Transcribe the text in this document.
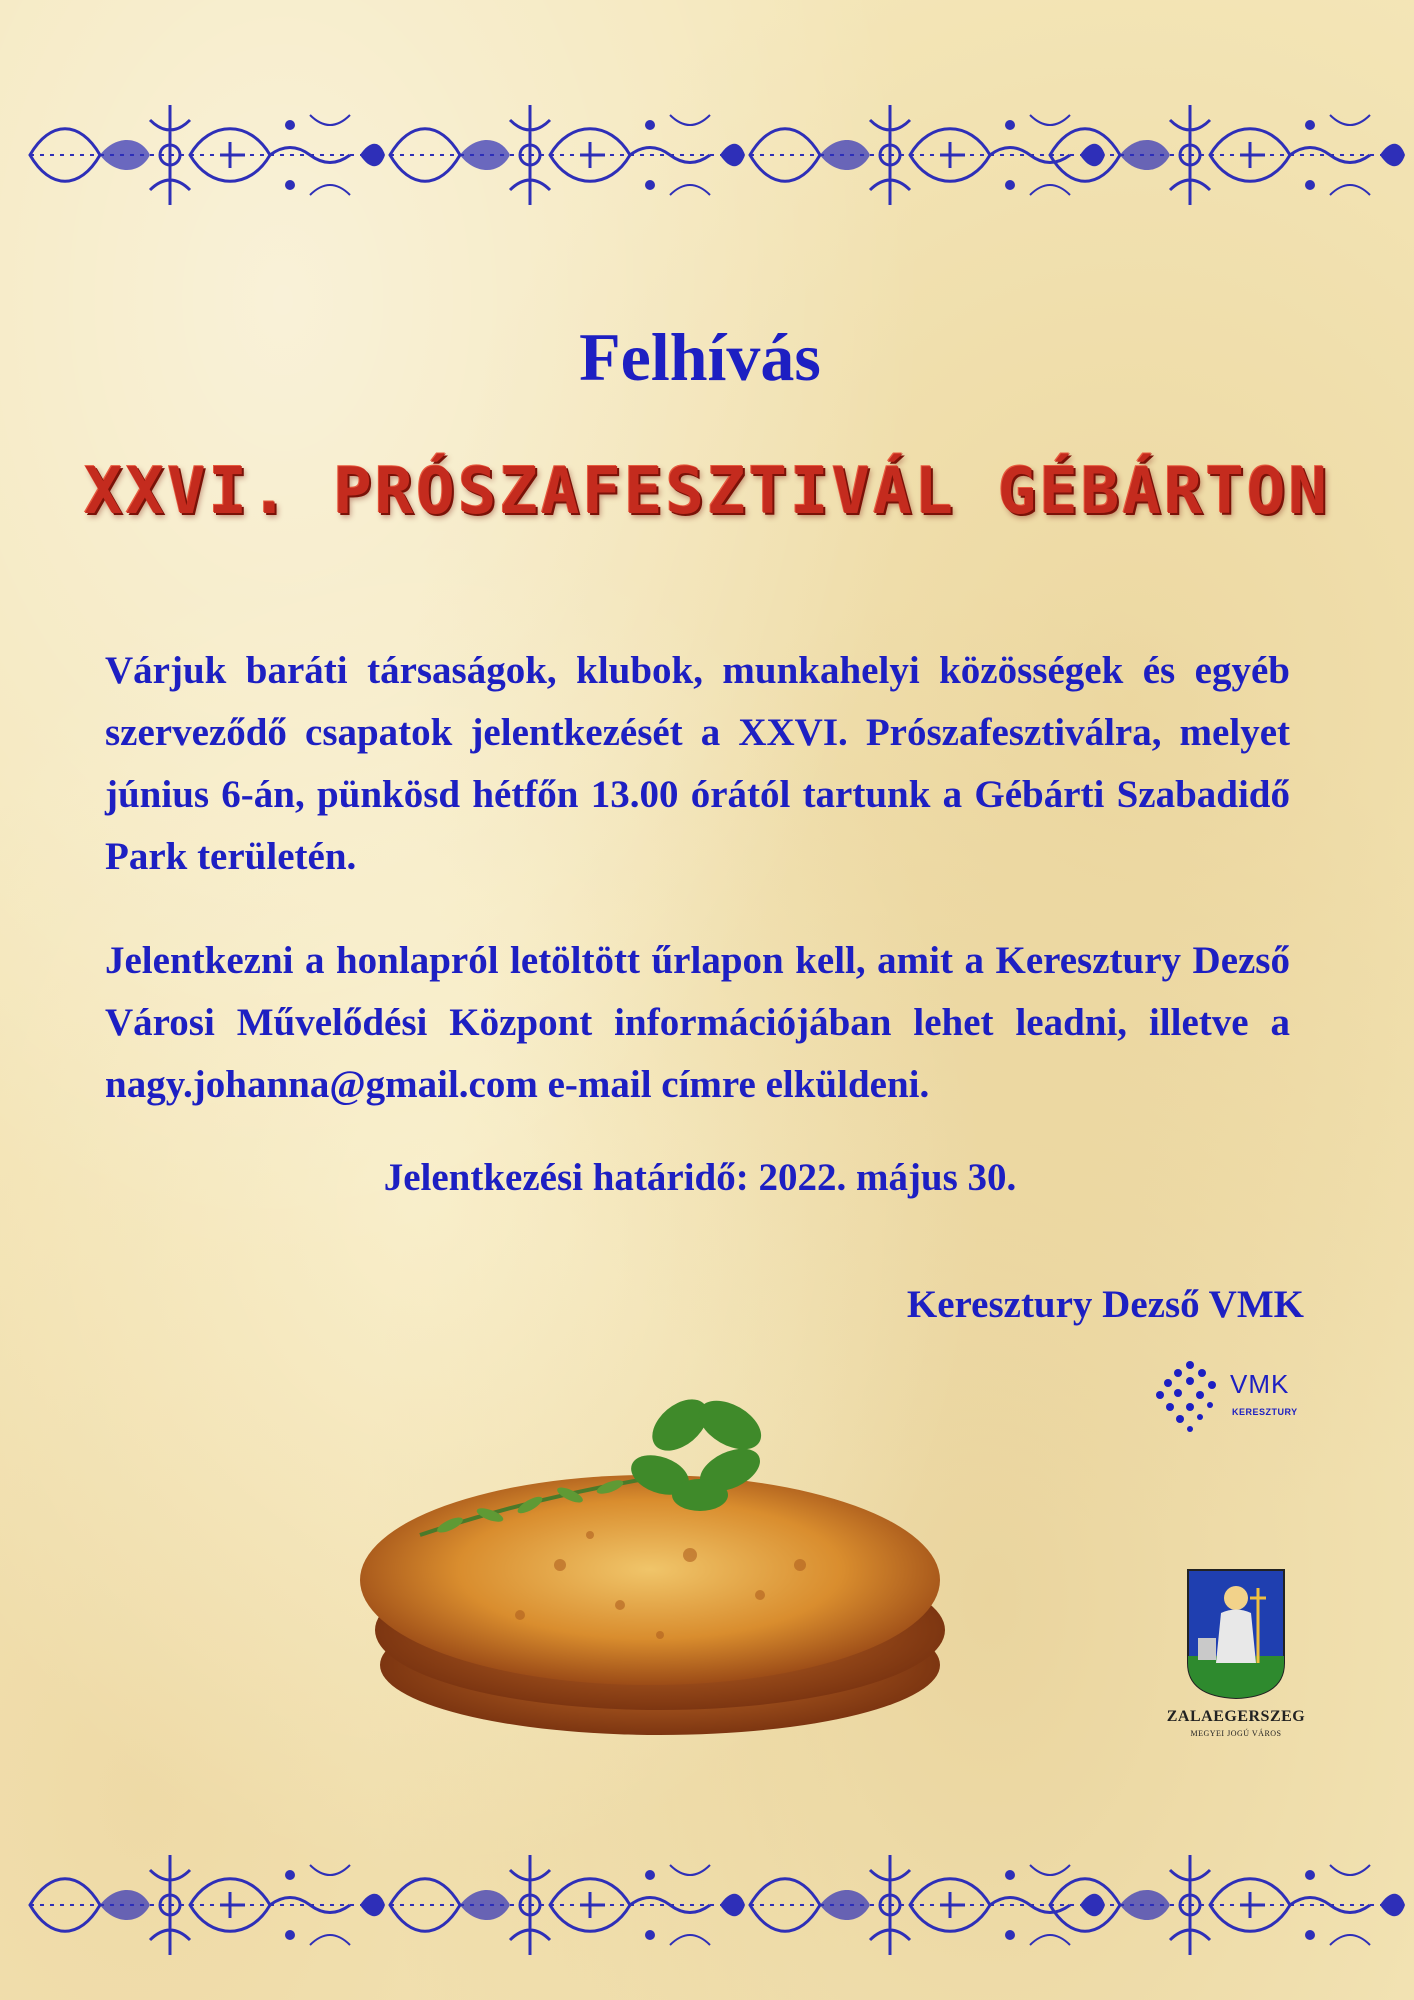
Felhívás
XXVI. PRÓSZAFESZTIVÁL GÉBÁRTON
Várjuk baráti társaságok, klubok, munkahelyi közösségek és egyéb szerveződő csapatok jelentkezését a XXVI. Prószafesztiválra, melyet június 6-án, pünkösd hétfőn 13.00 órától tartunk a Gébárti Szabadidő Park területén.
Jelentkezni a honlapról letöltött űrlapon kell, amit a Keresztury Dezső Városi Művelődési Központ információjában lehet leadni, illetve a nagy.johanna@gmail.com e-mail címre elküldeni.
Jelentkezési határidő: 2022. május 30.
Keresztury Dezső VMK
VMK
KERESZTURY
ZALAEGERSZEG
MEGYEI JOGÚ VÁROS
